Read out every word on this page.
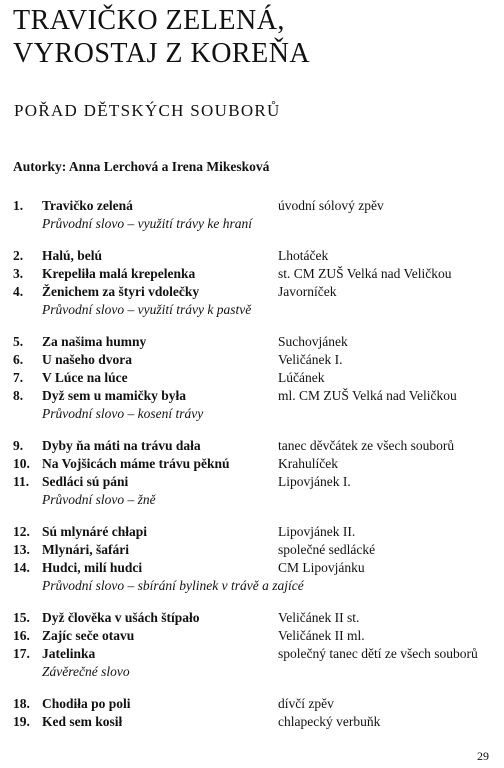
TRAVIČKO ZELENÁ,
VYROSTAJ Z KOREŇA
POŘAD DĚTSKÝCH SOUBORŮ

Autorky: Anna Lerchová a Irena Mikesková

1. Travičko zelená	úvodní sólový zpěv
Průvodní slovo – využití trávy ke hraní
2. Halú, belú	Lhotáček
3. Krepeliła malá krepelenka	st. CM ZUŠ Velká nad Veličkou
4. Ženichem za štyri vdolečky	Javorníček
Průvodní slovo – využití trávy k pastvě
5. Za našima humny	Suchovjánek
6. U našeho dvora	Veličánek I.
7. V Lúce na lúce	Lúčánek
8. Dyž sem u mamičky była	ml. CM ZUŠ Velká nad Veličkou
Průvodní slovo – kosení trávy
9. Dyby ňa máti na trávu dała	tanec děvčátek ze všech souborů
10. Na Vojšicách máme trávu pěknú	Krahulíček
11. Sedláci sú páni	Lipovjánek I.
Průvodní slovo – žně
12. Sú mlynáré chłapi	Lipovjánek II.
13. Mlynári, šafári	společné sedlácké
14. Hudci, milí hudci	CM Lipovjánku
Průvodní slovo – sbírání bylinek v trávě a zajícé
15. Dyž člověka v ušách štípało	Veličánek II st.
16. Zajíc seče otavu	Veličánek II ml.
17. Jatelinka	společný tanec dětí ze všech souborů
Závěrečné slovo
18. Chodiła po poli	dívčí zpěv
19. Ked sem kosił	chlapecký verbuňk
29
